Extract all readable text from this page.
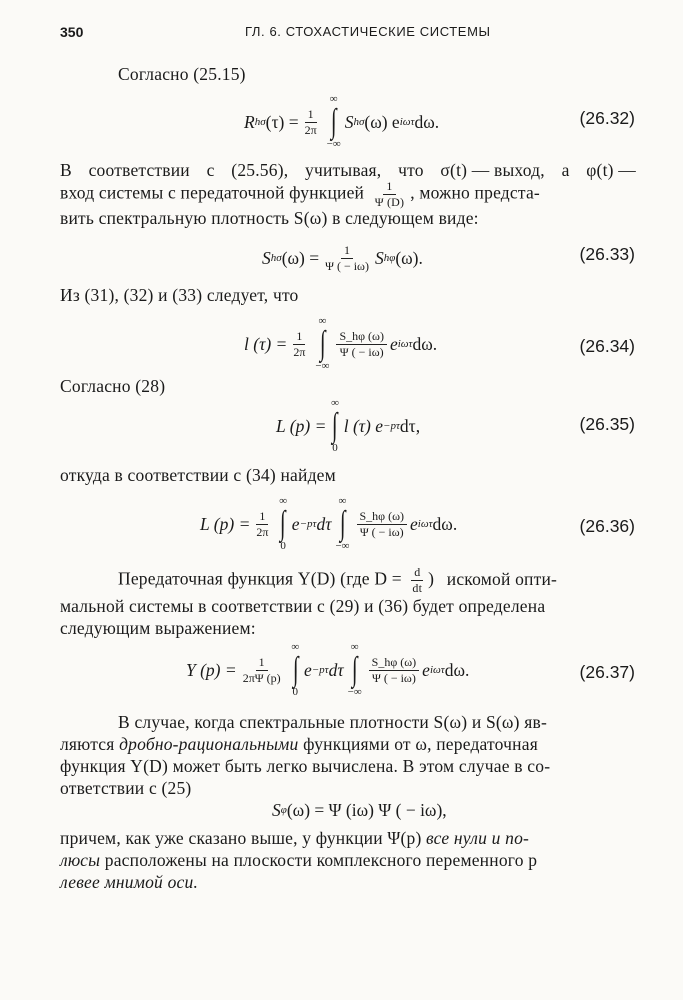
350	ГЛ. 6. СТОХАСТИЧЕСКИЕ СИСТЕМЫ
Согласно (25.15)
R hσ $(\tau) = \frac{1}{2\pi}$
∞
∫
−∞
S hσ (ω) e iωτ dω.	(26.32)
В соответствии с (25.56), учитывая, что σ(t) — выход, а φ(t) —
вход системы с передаточной функцией $\frac{1}{\Psi (D)}$ , можно предста-
вить спектральную плотность S(ω) в следующем виде:
S hσ $(\omega) = \frac{1}{\Psi ( - i\omega)}$ S hφ (ω).	(26.33)
Из (31), (32) и (33) следует, что
l $(\tau) = \frac{1}{2\pi}$
∞
∫
−∞
$\frac{S\_h\varphi (\omega)}{\Psi ( - i\omega)}$ e iωτ dω.	(26.34)
Согласно (28)
L (p) =
∞
∫
0
l (τ) e −pτ dτ,	(26.35)
откуда в соответствии с (34) найдем
L $(p) = \frac{1}{2\pi}$
∞
∫
0
e −pτ dτ
∞
∫
−∞
$\frac{S\_h\varphi (\omega)}{\Psi ( - i\omega)}$ e iωτ dω.	(26.36)
Передаточная функция Y(D) (где $D = \frac{d}{dt}$ ) искомой опти-
мальной системы в соответствии с (29) и (36) будет определена
следующим выражением:
Y $(p) = \frac{1}{2\pi\Psi (p)}$
∞
∫
0
e −pτ dτ
∞
∫
−∞
$\frac{S\_h\varphi (\omega)}{\Psi ( - i\omega)}$ e iωτ dω.	(26.37)
В случае, когда спектральные плотности S(ω) и S(ω) яв-
ляются дробно-рациональными функциями от ω, передаточная
функция Y(D) может быть легко вычислена. В этом случае в со-
ответствии с (25)
S φ (ω) = Ψ (iω) Ψ ( − iω),
причем, как уже сказано выше, у функции Ψ(p) все нули и по-
люсы расположены на плоскости комплексного переменного p
левее мнимой оси.
